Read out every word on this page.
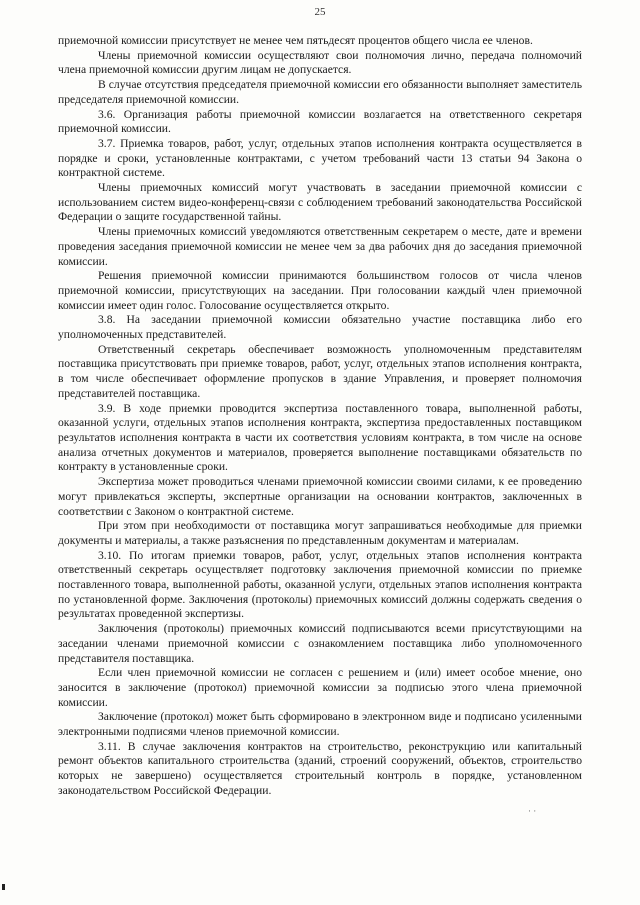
25

приемочной комиссии присутствует не менее чем пятьдесят процентов общего числа ее членов.

Члены приемочной комиссии осуществляют свои полномочия лично, передача полномочий члена приемочной комиссии другим лицам не допускается.

В случае отсутствия председателя приемочной комиссии его обязанности выполняет заместитель председателя приемочной комиссии.

3.6. Организация работы приемочной комиссии возлагается на ответственного секретаря приемочной комиссии.

3.7. Приемка товаров, работ, услуг, отдельных этапов исполнения контракта осуществляется в порядке и сроки, установленные контрактами, с учетом требований части 13 статьи 94 Закона о контрактной системе.

Члены приемочных комиссий могут участвовать в заседании приемочной комиссии с использованием систем видео-конференц-связи с соблюдением требований законодательства Российской Федерации о защите государственной тайны.

Члены приемочных комиссий уведомляются ответственным секретарем о месте, дате и времени проведения заседания приемочной комиссии не менее чем за два рабочих дня до заседания приемочной комиссии.

Решения приемочной комиссии принимаются большинством голосов от числа членов приемочной комиссии, присутствующих на заседании. При голосовании каждый член приемочной комиссии имеет один голос. Голосование осуществляется открыто.

3.8. На заседании приемочной комиссии обязательно участие поставщика либо его уполномоченных представителей.

Ответственный секретарь обеспечивает возможность уполномоченным представителям поставщика присутствовать при приемке товаров, работ, услуг, отдельных этапов исполнения контракта, в том числе обеспечивает оформление пропусков в здание Управления, и проверяет полномочия представителей поставщика.

3.9. В ходе приемки проводится экспертиза поставленного товара, выполненной работы, оказанной услуги, отдельных этапов исполнения контракта, экспертиза предоставленных поставщиком результатов исполнения контракта в части их соответствия условиям контракта, в том числе на основе анализа отчетных документов и материалов, проверяется выполнение поставщиками обязательств по контракту в установленные сроки.

Экспертиза может проводиться членами приемочной комиссии своими силами, к ее проведению могут привлекаться эксперты, экспертные организации на основании контрактов, заключенных в соответствии с Законом о контрактной системе.

При этом при необходимости от поставщика могут запрашиваться необходимые для приемки документы и материалы, а также разъяснения по представленным документам и материалам.

3.10. По итогам приемки товаров, работ, услуг, отдельных этапов исполнения контракта ответственный секретарь осуществляет подготовку заключения приемочной комиссии по приемке поставленного товара, выполненной работы, оказанной услуги, отдельных этапов исполнения контракта по установленной форме. Заключения (протоколы) приемочных комиссий должны содержать сведения о результатах проведенной экспертизы.

Заключения (протоколы) приемочных комиссий подписываются всеми присутствующими на заседании членами приемочной комиссии с ознакомлением поставщика либо уполномоченного представителя поставщика.

Если член приемочной комиссии не согласен с решением и (или) имеет особое мнение, оно заносится в заключение (протокол) приемочной комиссии за подписью этого члена приемочной комиссии.

Заключение (протокол) может быть сформировано в электронном виде и подписано усиленными электронными подписями членов приемочной комиссии.

3.11. В случае заключения контрактов на строительство, реконструкцию или капитальный ремонт объектов капитального строительства (зданий, строений сооружений, объектов, строительство которых не завершено) осуществляется строительный контроль в порядке, установленном законодательством Российской Федерации.

· ·
